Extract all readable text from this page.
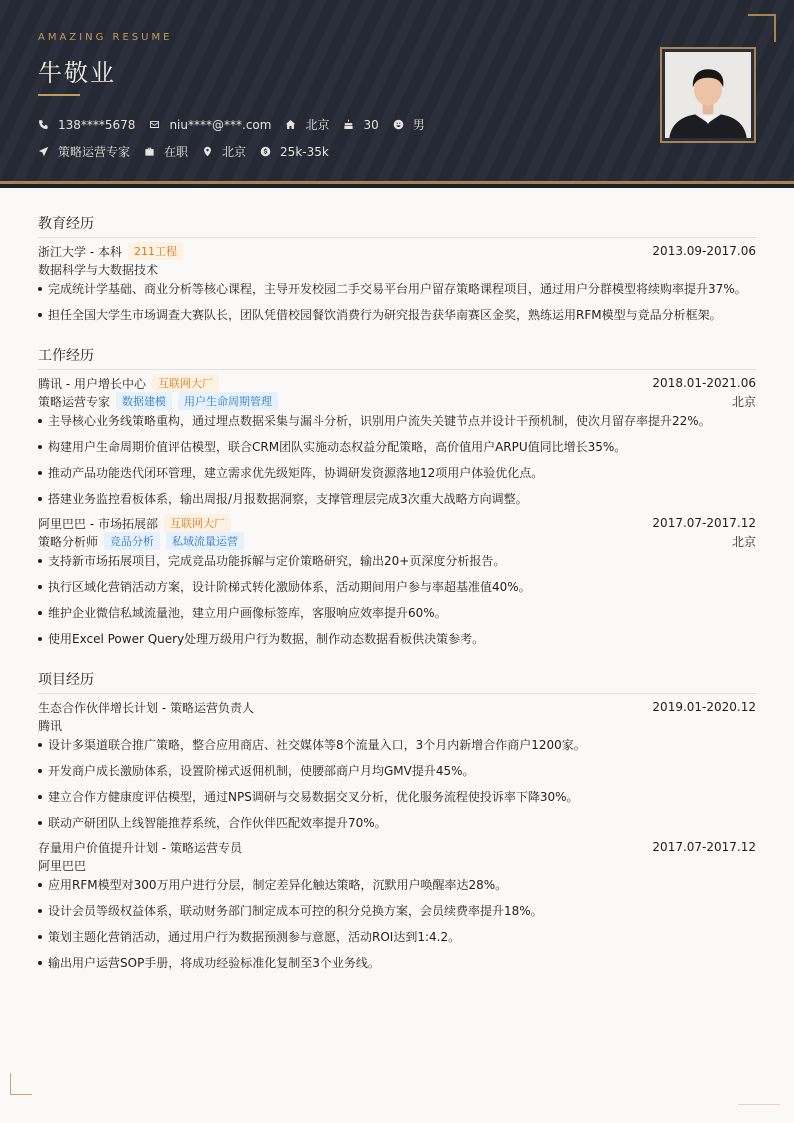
AMAZING RESUME
牛敬业
138****5678	niu****@***.com	北京	30	男
策略运营专家	在职	北京	25k-35k
教育经历
浙江大学 - 本科	211工程	2013.09-2017.06
数据科学与大数据技术
完成统计学基础、商业分析等核心课程，主导开发校园二手交易平台用户留存策略课程项目，通过用户分群模型将续购率提升37%。
担任全国大学生市场调查大赛队长，团队凭借校园餐饮消费行为研究报告获华南赛区金奖，熟练运用RFM模型与竞品分析框架。
工作经历
腾讯 - 用户增长中心	互联网大厂	2018.01-2021.06
策略运营专家	数据建模	用户生命周期管理	北京
主导核心业务线策略重构，通过埋点数据采集与漏斗分析，识别用户流失关键节点并设计干预机制，使次月留存率提升22%。
构建用户生命周期价值评估模型，联合CRM团队实施动态权益分配策略，高价值用户ARPU值同比增长35%。
推动产品功能迭代闭环管理，建立需求优先级矩阵，协调研发资源落地12项用户体验优化点。
搭建业务监控看板体系，输出周报/月报数据洞察，支撑管理层完成3次重大战略方向调整。
阿里巴巴 - 市场拓展部	互联网大厂	2017.07-2017.12
策略分析师	竞品分析	私域流量运营	北京
支持新市场拓展项目，完成竞品功能拆解与定价策略研究，输出20+页深度分析报告。
执行区域化营销活动方案，设计阶梯式转化激励体系，活动期间用户参与率超基准值40%。
维护企业微信私域流量池，建立用户画像标签库，客服响应效率提升60%。
使用Excel Power Query处理万级用户行为数据，制作动态数据看板供决策参考。
项目经历
生态合作伙伴增长计划 - 策略运营负责人	2019.01-2020.12
腾讯
设计多渠道联合推广策略，整合应用商店、社交媒体等8个流量入口，3个月内新增合作商户1200家。
开发商户成长激励体系，设置阶梯式返佣机制，使腰部商户月均GMV提升45%。
建立合作方健康度评估模型，通过NPS调研与交易数据交叉分析，优化服务流程使投诉率下降30%。
联动产研团队上线智能推荐系统，合作伙伴匹配效率提升70%。
存量用户价值提升计划 - 策略运营专员	2017.07-2017.12
阿里巴巴
应用RFM模型对300万用户进行分层，制定差异化触达策略，沉默用户唤醒率达28%。
设计会员等级权益体系，联动财务部门制定成本可控的积分兑换方案，会员续费率提升18%。
策划主题化营销活动，通过用户行为数据预测参与意愿，活动ROI达到1:4.2。
输出用户运营SOP手册，将成功经验标准化复制至3个业务线。
